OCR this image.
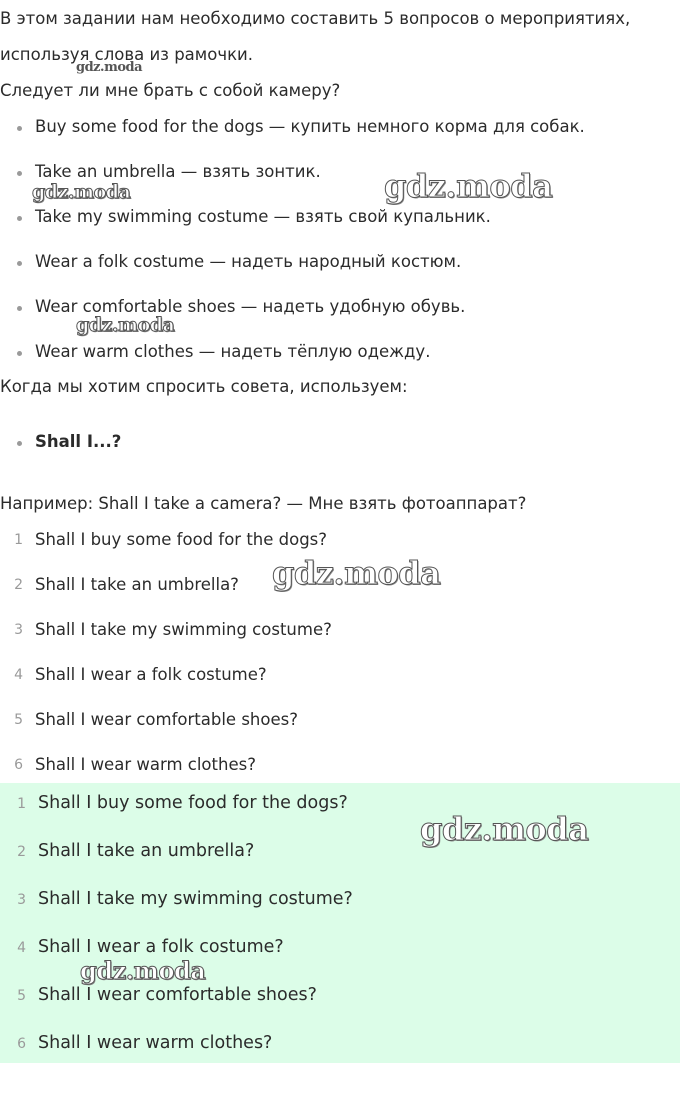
В этом задании нам необходимо составить 5 вопросов о мероприятиях,
используя слова из рамочки.
gdz.moda
Следует ли мне брать с собой камеру?
Buy some food for the dogs — купить немного корма для собак.
Take an umbrella — взять зонтик.
Take my swimming costume — взять свой купальник.
Wear a folk costume — надеть народный костюм.
Wear comfortable shoes — надеть удобную обувь.
Wear warm clothes — надеть тёплую одежду.
gdz.moda	gdz.moda
gdz.moda
Когда мы хотим спросить совета, используем:
Shall I...?
Например: Shall I take a camera? — Мне взять фотоаппарат?
1 Shall I buy some food for the dogs?
2 Shall I take an umbrella?
3 Shall I take my swimming costume?
4 Shall I wear a folk costume?
5 Shall I wear comfortable shoes?
6 Shall I wear warm clothes?
gdz.moda
1 Shall I buy some food for the dogs?
2 Shall I take an umbrella?
3 Shall I take my swimming costume?
4 Shall I wear a folk costume?
5 Shall I wear comfortable shoes?
6 Shall I wear warm clothes?
gdz.moda
gdz.moda
